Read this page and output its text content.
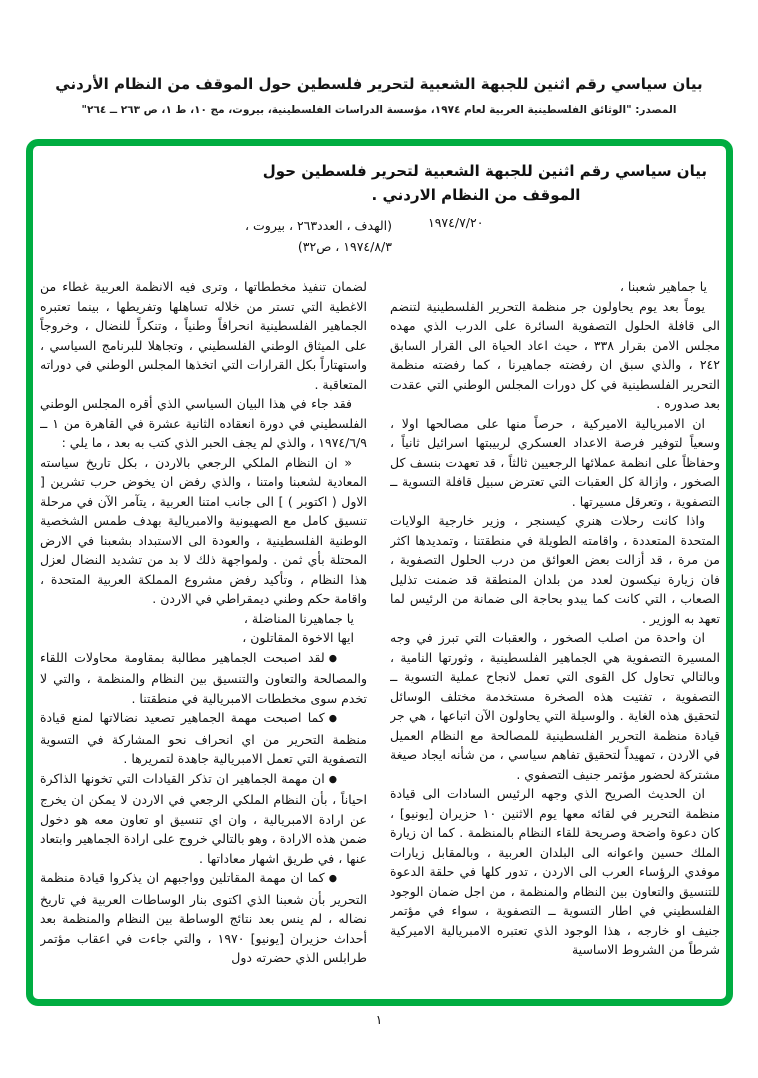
بيان سياسي رقم اثنين للجبهة الشعبية لتحرير فلسطين حول الموقف من النظام الأردني
المصدر: "الوثائق الفلسطينية العربية لعام ١٩٧٤، مؤسسة الدراسات الفلسطينية، بيروت، مج ١٠، ط ١، ص ٢٦٣ ــ ٢٦٤"
بيان سياسي رقم اثنين للجبهة الشعبية لتحرير فلسطين حول
الموقف من النظام الاردني .
١٩٧٤/٧/٢٠
(الهدف ، العدد٢٦٣ ، بيروت ،
١٩٧٤/٨/٣ ، ص٣٢)

يا جماهير شعبنا ،

يوماً بعد يوم يحاولون جر منظمة التحرير الفلسطينية لتنضم الى قافلة الحلول التصفوية السائرة على الدرب الذي مهده مجلس الامن بقرار ٣٣٨ ، حيث اعاد الحياة الى القرار السابق ٢٤٢ ، والذي سبق ان رفضته جماهيرنا ، كما رفضته منظمة التحرير الفلسطينية في كل دورات المجلس الوطني التي عقدت بعد صدوره .

ان الامبريالية الاميركية ، حرصاً منها على مصالحها اولا ، وسعياً لتوفير فرصة الاعداد العسكري لربيبتها اسرائيل ثانياً ، وحفاظاً على انظمة عملائها الرجعيين ثالثاً ، قد تعهدت بنسف كل الصخور ، وازالة كل العقبات التي تعترض سبيل قافلة التسوية ــ التصفوية ، وتعرقل مسيرتها .

واذا كانت رحلات هنري كيسنجر ، وزير خارجية الولايات المتحدة المتعددة ، واقامته الطويلة في منطقتنا ، وتمديدها اكثر من مرة ، قد أزالت بعض العوائق من درب الحلول التصفوية ، فان زيارة نيكسون لعدد من بلدان المنطقة قد ضمنت تذليل الصعاب ، التي كانت كما يبدو بحاجة الى ضمانة من الرئيس لما تعهد به الوزير .

ان واحدة من اصلب الصخور ، والعقبات التي تبرز في وجه المسيرة التصفوية هي الجماهير الفلسطينية ، وثورتها النامية ، وبالتالي تحاول كل القوى التي تعمل لانجاح عملية التسوية ــ التصفوية ، تفتيت هذه الصخرة مستخدمة مختلف الوسائل لتحقيق هذه الغاية . والوسيلة التي يحاولون الآن اتباعها ، هي جر قيادة منظمة التحرير الفلسطينية للمصالحة مع النظام العميل في الاردن ، تمهيداً لتحقيق تفاهم سياسي ، من شأنه ايجاد صيغة مشتركة لحضور مؤتمر جنيف التصفوي .

ان الحديث الصريح الذي وجهه الرئيس السادات الى قيادة منظمة التحرير في لقائه معها يوم الاثنين ١٠ حزيران [يونيو] ، كان دعوة واضحة وصريحة للقاء النظام بالمنظمة . كما ان زيارة الملك حسين واعوانه الى البلدان العربية ، وبالمقابل زيارات موفدي الرؤساء العرب الى الاردن ، تدور كلها في حلقة الدعوة للتنسيق والتعاون بين النظام والمنظمة ، من اجل ضمان الوجود الفلسطيني في اطار التسوية ــ التصفوية ، سواء في مؤتمر جنيف او خارجه ، هذا الوجود الذي تعتبره الامبريالية الاميركية شرطاً من الشروط الاساسية

لضمان تنفيذ مخططاتها ، وترى فيه الانظمة العربية غطاء من الاغطية التي تستر من خلاله تساهلها وتفريطها ، بينما تعتبره الجماهير الفلسطينية انحرافاً وطنياً ، وتنكراً للنضال ، وخروجاً على الميثاق الوطني الفلسطيني ، وتجاهلا للبرنامج السياسي ، واستهتاراً بكل القرارات التي اتخذها المجلس الوطني في دوراته المتعاقبة .

فقد جاء في هذا البيان السياسي الذي أقره المجلس الوطني الفلسطيني في دورة انعقاده الثانية عشرة في القاهرة من ١ ــ ١٩٧٤/٦/٩ ، والذي لم يجف الحبر الذي كتب به بعد ، ما يلي :

« ان النظام الملكي الرجعي بالاردن ، بكل تاريخ سياسته المعادية لشعبنا وامتنا ، والذي رفض ان يخوض حرب تشرين [ الاول ( اكتوبر ) ] الى جانب امتنا العربية ، يتآمر الآن في مرحلة تنسيق كامل مع الصهيونية والامبريالية بهدف طمس الشخصية الوطنية الفلسطينية ، والعودة الى الاستبداد بشعبنا في الارض المحتلة بأي ثمن . ولمواجهة ذلك لا بد من تشديد النضال لعزل هذا النظام ، وتأكيد رفض مشروع المملكة العربية المتحدة ، واقامة حكم وطني ديمقراطي في الاردن .

يا جماهيرنا المناضلة ،

ايها الاخوة المقاتلون ،

●لقد اصبحت الجماهير مطالبة بمقاومة محاولات اللقاء والمصالحة والتعاون والتنسيق بين النظام والمنظمة ، والتي لا تخدم سوى مخططات الامبريالية في منطقتنا .

●كما اصبحت مهمة الجماهير تصعيد نضالاتها لمنع قيادة منظمة التحرير من اي انحراف نحو المشاركة في التسوية التصفوية التي تعمل الامبريالية جاهدة لتمريرها .

●ان مهمة الجماهير ان تذكر القيادات التي تخونها الذاكرة احياناً ، بأن النظام الملكي الرجعي في الاردن لا يمكن ان يخرج عن ارادة الامبريالية ، وان اي تنسيق او تعاون معه هو دخول ضمن هذه الارادة ، وهو بالتالي خروج على ارادة الجماهير وابتعاد عنها ، في طريق اشهار معاداتها .

●كما ان مهمة المقاتلين وواجبهم ان يذكروا قيادة منظمة التحرير بأن شعبنا الذي اكتوى بنار الوساطات العربية في تاريخ نضاله ، لم ينس بعد نتائج الوساطة بين النظام والمنظمة بعد أحداث حزيران [يونيو] ١٩٧٠ ، والتي جاءت في اعقاب مؤتمر طرابلس الذي حضرته دول

١
